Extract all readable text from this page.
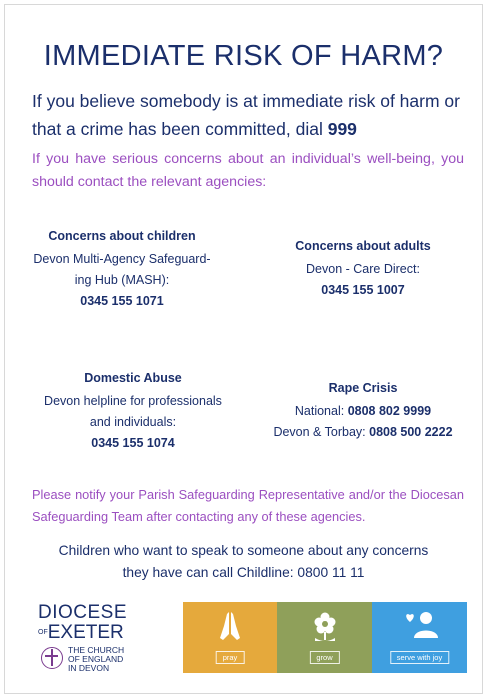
IMMEDIATE RISK OF HARM?
If you believe somebody is at immediate risk of harm or that a crime has been committed, dial 999
If you have serious concerns about an individual’s well-being, you should contact the relevant agencies:
Concerns about children
Devon Multi-Agency Safeguard-
ing Hub (MASH):
0345 155 1071
Concerns about adults
Devon - Care Direct:
0345 155 1007
Domestic Abuse
Devon helpline for professionals
and individuals:
0345 155 1074
Rape Crisis
National: 0808 802 9999
Devon & Torbay: 0808 500 2222
Please notify your Parish Safeguarding Representative and/or the Diocesan Safeguarding Team after contacting any of these agencies.
Children who want to speak to someone about any concerns
they have can call Childline: 0800 11 11
DIOCESE
OFEXETER
THE CHURCH
OF ENGLAND
IN DEVON
pray	grow	serve with joy
